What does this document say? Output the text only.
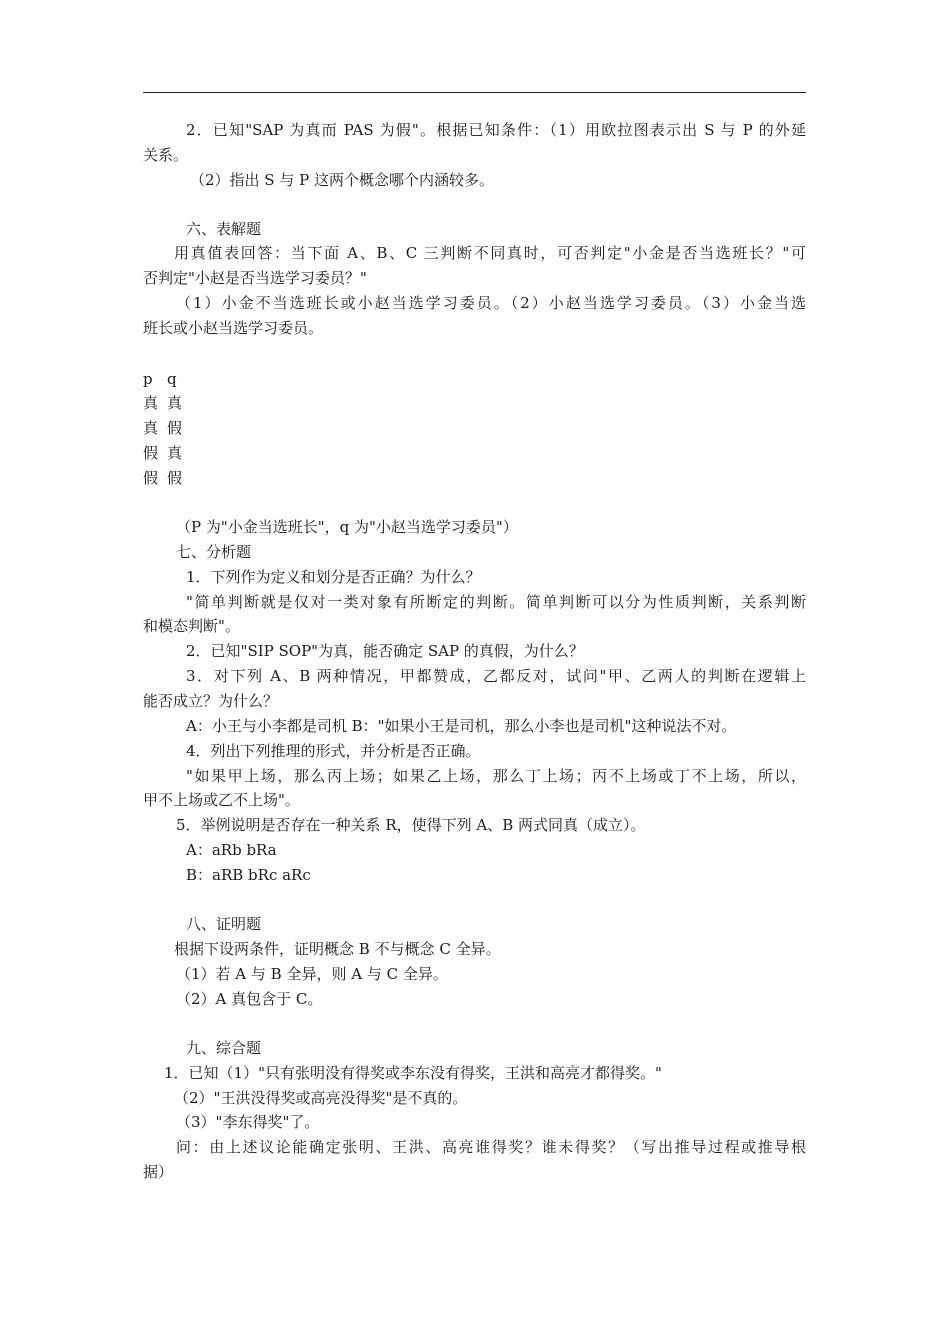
2．已知"SAP 为真而 PAS 为假"。根据已知条件：（1）用欧拉图表示出 S 与 P 的外延
关系。
（2）指出 S 与 P 这两个概念哪个内涵较多。
六、表解题
用真值表回答：当下面 A、B、C 三判断不同真时，可否判定"小金是否当选班长？"可
否判定"小赵是否当选学习委员？"
（1）小金不当选班长或小赵当选学习委员。（2）小赵当选学习委员。（3）小金当选
班长或小赵当选学习委员。
p q
真 真
真 假
假 真
假 假
（P 为"小金当选班长"，q 为"小赵当选学习委员"）
七、分析题
1．下列作为定义和划分是否正确？为什么？
"简单判断就是仅对一类对象有所断定的判断。简单判断可以分为性质判断，关系判断
和模态判断"。
2．已知"SIP SOP"为真，能否确定 SAP 的真假，为什么？
3．对下列 A、B 两种情况，甲都赞成，乙都反对，试问"甲、乙两人的判断在逻辑上
能否成立？为什么？
A：小王与小李都是司机 B："如果小王是司机，那么小李也是司机"这种说法不对。
4．列出下列推理的形式，并分析是否正确。
"如果甲上场，那么丙上场；如果乙上场，那么丁上场；丙不上场或丁不上场，所以，
甲不上场或乙不上场"。
5．举例说明是否存在一种关系 R，使得下列 A、B 两式同真（成立）。
A：aRb bRa
B：aRB bRc aRc
八、证明题
根据下设两条件，证明概念 B 不与概念 C 全异。
（1）若 A 与 B 全异，则 A 与 C 全异。
（2）A 真包含于 C。
九、综合题
1．已知（1）"只有张明没有得奖或李东没有得奖，王洪和高亮才都得奖。"
（2）"王洪没得奖或高亮没得奖"是不真的。
（3）"李东得奖"了。
问：由上述议论能确定张明、王洪、高亮谁得奖？谁未得奖？（写出推导过程或推导根
据）
